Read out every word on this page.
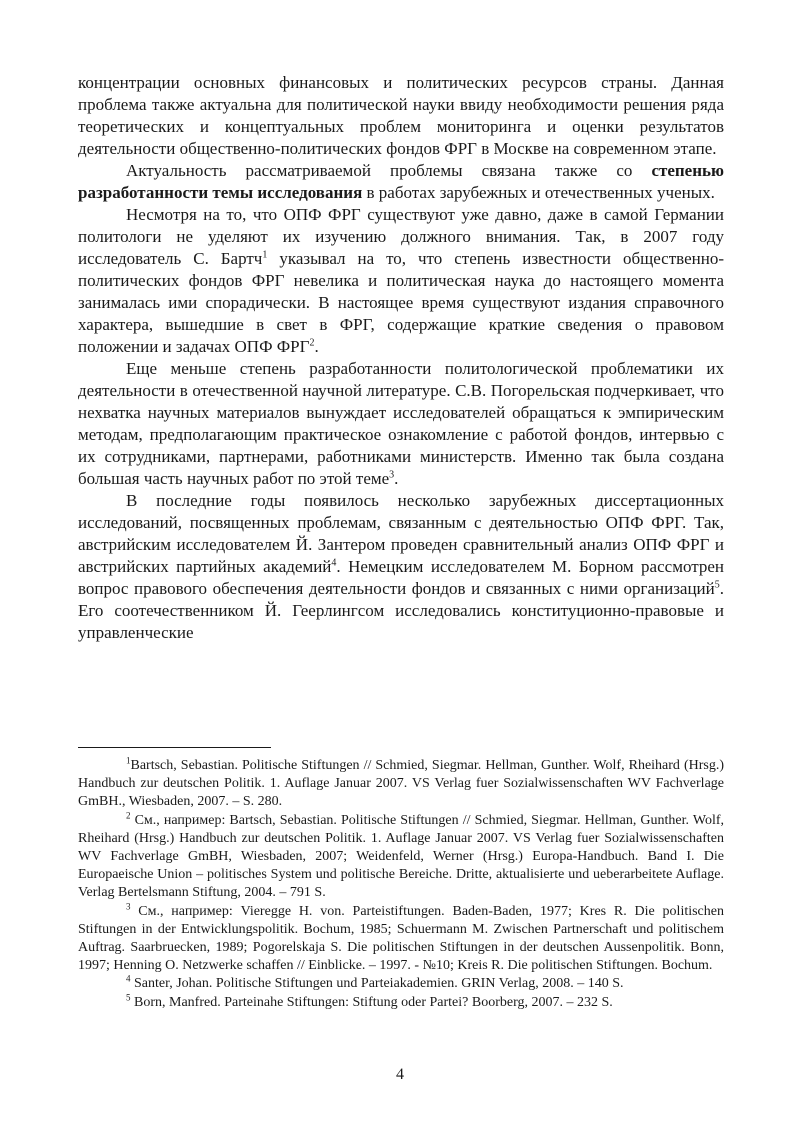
концентрации основных финансовых и политических ресурсов страны. Данная проблема также актуальна для политической науки ввиду необходимости решения ряда теоретических и концептуальных проблем мониторинга и оценки результатов деятельности общественно-политических фондов ФРГ в Москве на современном этапе.

Актуальность рассматриваемой проблемы связана также со степенью разработанности темы исследования в работах зарубежных и отечественных ученых.

Несмотря на то, что ОПФ ФРГ существуют уже давно, даже в самой Германии политологи не уделяют их изучению должного внимания. Так, в 2007 году исследователь С. Бартч$^1$ указывал на то, что степень известности общественно-политических фондов ФРГ невелика и политическая наука до настоящего момента занималась ими спорадически. В настоящее время существуют издания справочного характера, вышедшие в свет в ФРГ, содержащие краткие сведения о правовом положении и задачах ОПФ ФРГ$^2$.

Еще меньше степень разработанности политологической проблематики их деятельности в отечественной научной литературе. С.В. Погорельская подчеркивает, что нехватка научных материалов вынуждает исследователей обращаться к эмпирическим методам, предполагающим практическое ознакомление с работой фондов, интервью с их сотрудниками, партнерами, работниками министерств. Именно так была создана большая часть научных работ по этой теме$^3$.

В последние годы появилось несколько зарубежных диссертационных исследований, посвященных проблемам, связанным с деятельностью ОПФ ФРГ. Так, австрийским исследователем Й. Зантером проведен сравнительный анализ ОПФ ФРГ и австрийских партийных академий$^4$. Немецким исследователем М. Борном рассмотрен вопрос правового обеспечения деятельности фондов и связанных с ними организаций$^5$. Его соотечественником Й. Геерлингсом исследовались конституционно-правовые и управленческие

$^1$Bartsch, Sebastian. Politische Stiftungen // Schmied, Siegmar. Hellman, Gunther. Wolf, Rheihard (Hrsg.) Handbuch zur deutschen Politik. 1. Auflage Januar 2007. VS Verlag fuer Sozialwissenschaften WV Fachverlage GmBH., Wiesbaden, 2007. – S. 280.

$^2$ См., например: Bartsch, Sebastian. Politische Stiftungen // Schmied, Siegmar. Hellman, Gunther. Wolf, Rheihard (Hrsg.) Handbuch zur deutschen Politik. 1. Auflage Januar 2007. VS Verlag fuer Sozialwissenschaften WV Fachverlage GmBH, Wiesbaden, 2007; Weidenfeld, Werner (Hrsg.) Europa-Handbuch. Band I. Die Europaeische Union – politisches System und politische Bereiche. Dritte, aktualisierte und ueberarbeitete Auflage. Verlag Bertelsmann Stiftung, 2004. – 791 S.

$^3$ См., например: Vieregge H. von. Parteistiftungen. Baden-Baden, 1977; Kres R. Die politischen Stiftungen in der Entwicklungspolitik. Bochum, 1985; Schuermann M. Zwischen Partnerschaft und politischem Auftrag. Saarbruecken, 1989; Pogorelskaja S. Die politischen Stiftungen in der deutschen Aussenpolitik. Bonn, 1997; Henning O. Netzwerke schaffen // Einblicke. – 1997. - №10; Kreis R. Die politischen Stiftungen. Bochum.

$^4$ Santer, Johan. Politische Stiftungen und Parteiakademien. GRIN Verlag, 2008. – 140 S.

$^5$ Born, Manfred. Parteinahe Stiftungen: Stiftung oder Partei? Boorberg, 2007. – 232 S.

4
